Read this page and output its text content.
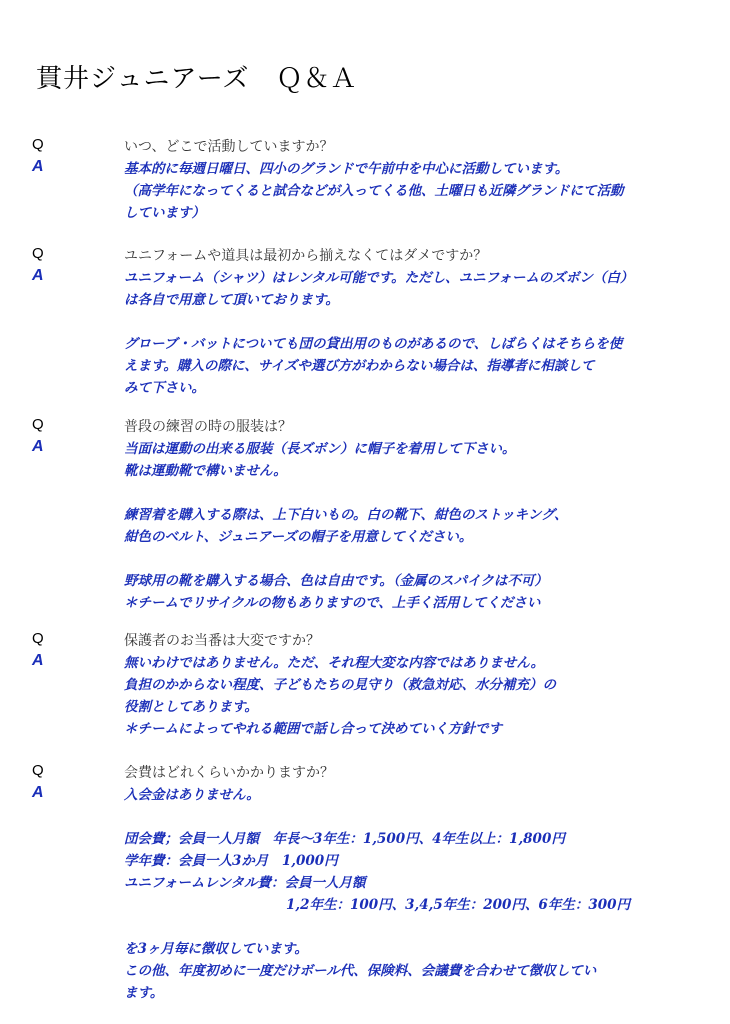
貫井ジュニアーズ　Ｑ＆Ａ
Q	いつ、どこで活動していますか？
A	基本的に毎週日曜日、四小のグランドで午前中を中心に活動しています。

（高学年になってくると試合などが入ってくる他、土曜日も近隣グランドにて活動

しています）

Q	ユニフォームや道具は最初から揃えなくてはダメですか？
A	ユニフォーム（シャツ）はレンタル可能です。ただし、ユニフォームのズボン（白）

は各自で用意して頂いております。

グローブ・バットについても団の貸出用のものがあるので、しばらくはそちらを使

えます。購入の際に、サイズや選び方がわからない場合は、指導者に相談して

みて下さい。

Q	普段の練習の時の服装は？
A	当面は運動の出来る服装（長ズボン）に帽子を着用して下さい。

靴は運動靴で構いません。

練習着を購入する際は、上下白いもの。白の靴下、紺色のストッキング、

紺色のベルト、ジュニアーズの帽子を用意してください。

野球用の靴を購入する場合、色は自由です。（金属のスパイクは不可）

＊チームでリサイクルの物もありますので、上手く活用してください

Q	保護者のお当番は大変ですか？
A	無いわけではありません。ただ、それ程大変な内容ではありません。

負担のかからない程度、子どもたちの見守り（救急対応、水分補充）の

役割としてあります。

＊チームによってやれる範囲で話し合って決めていく方針です

Q	会費はどれくらいかかりますか？
A	入会金はありません。

団会費；会員一人月額　年長～3年生：1,500円、4年生以上：1,800円

学年費：会員一人3か月　1,000円

ユニフォームレンタル費：会員一人月額

　　　　　　　　　　　　1,2年生：100円、3,4,5年生：200円、6年生：300円

を3ヶ月毎に徴収しています。

この他、年度初めに一度だけボール代、保険料、会議費を合わせて徴収してい

ます。
